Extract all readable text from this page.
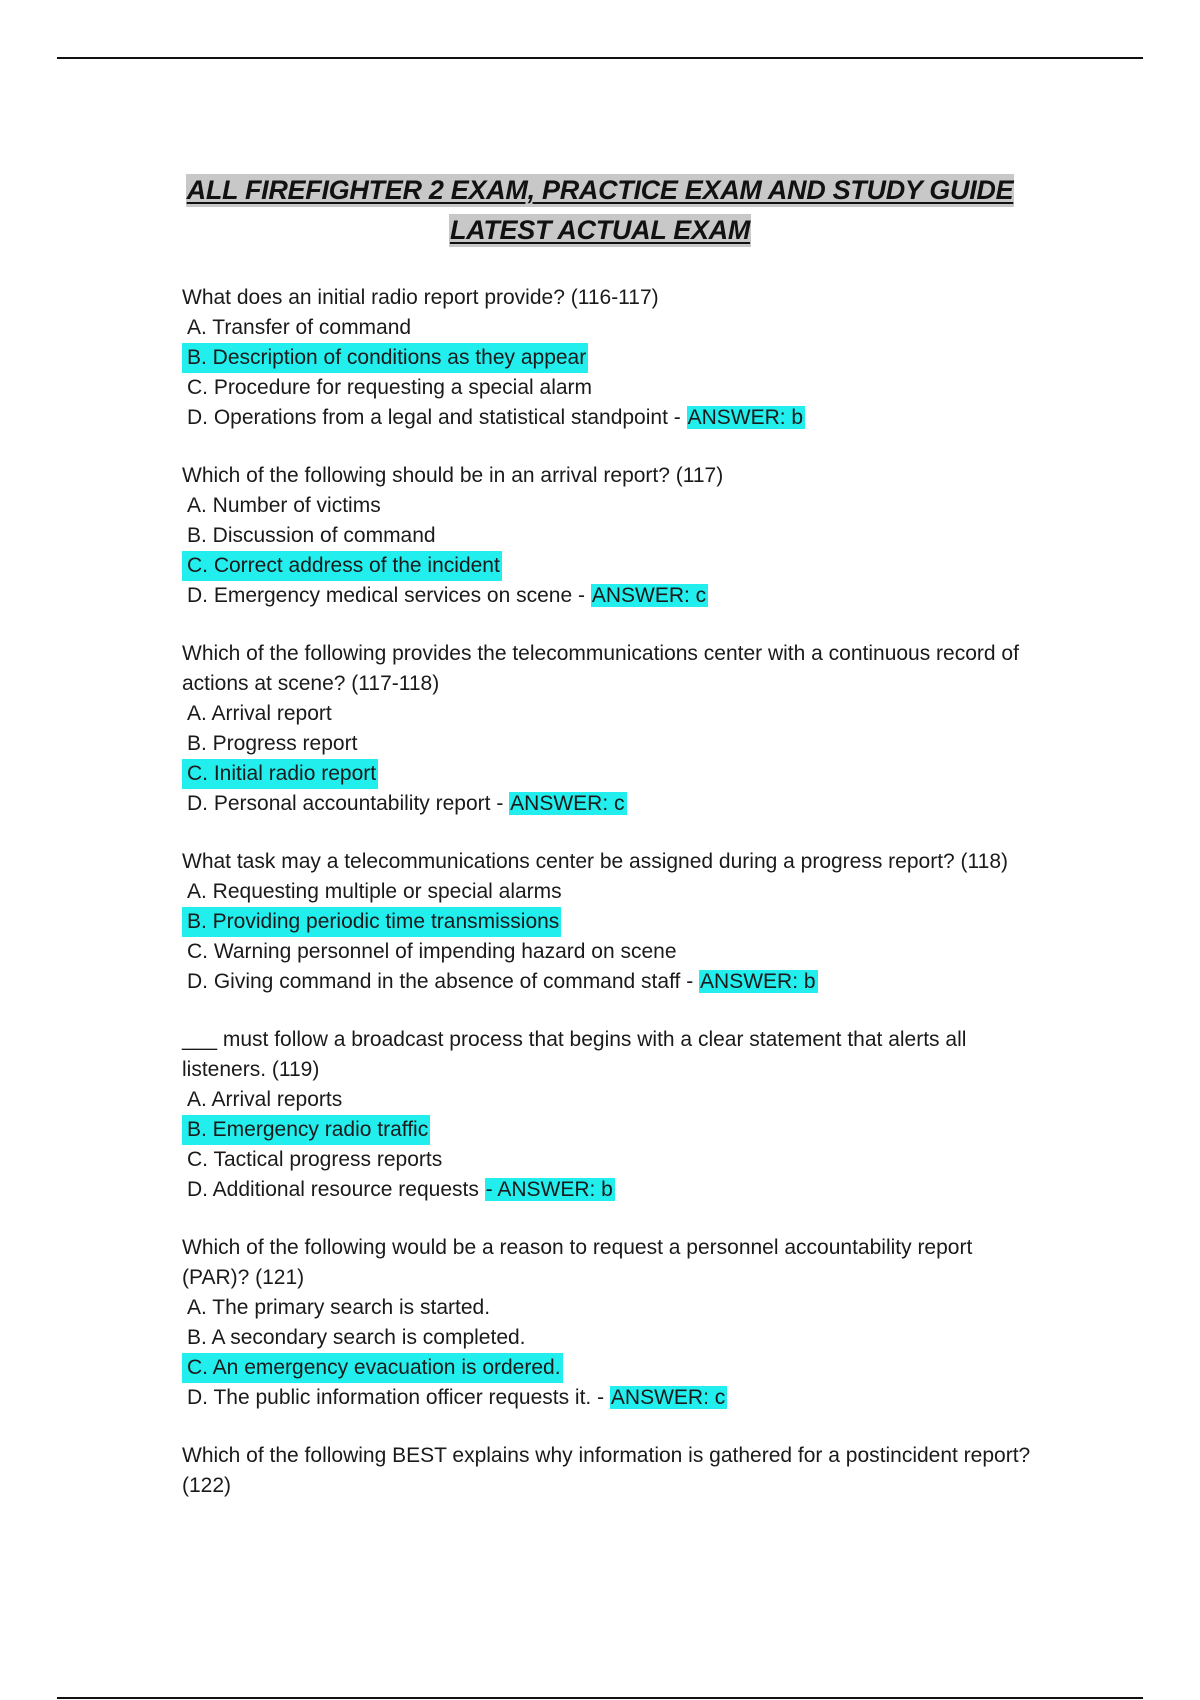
ALL FIREFIGHTER 2 EXAM, PRACTICE EXAM AND STUDY GUIDE
LATEST ACTUAL EXAM

What does an initial radio report provide? (116-117)

A. Transfer of command
B. Description of conditions as they appear
C. Procedure for requesting a special alarm
D. Operations from a legal and statistical standpoint - ANSWER: b

Which of the following should be in an arrival report? (117)

A. Number of victims
B. Discussion of command
C. Correct address of the incident
D. Emergency medical services on scene - ANSWER: c

Which of the following provides the telecommunications center with a continuous record of actions at scene? (117-118)

A. Arrival report
B. Progress report
C. Initial radio report
D. Personal accountability report - ANSWER: c

What task may a telecommunications center be assigned during a progress report? (118)

A. Requesting multiple or special alarms
B. Providing periodic time transmissions
C. Warning personnel of impending hazard on scene
D. Giving command in the absence of command staff - ANSWER: b

___ must follow a broadcast process that begins with a clear statement that alerts all listeners. (119)

A. Arrival reports
B. Emergency radio traffic
C. Tactical progress reports
D. Additional resource requests - ANSWER: b

Which of the following would be a reason to request a personnel accountability report (PAR)? (121)

A. The primary search is started.
B. A secondary search is completed.
C. An emergency evacuation is ordered.
D. The public information officer requests it. - ANSWER: c

Which of the following BEST explains why information is gathered for a postincident report? (122)
